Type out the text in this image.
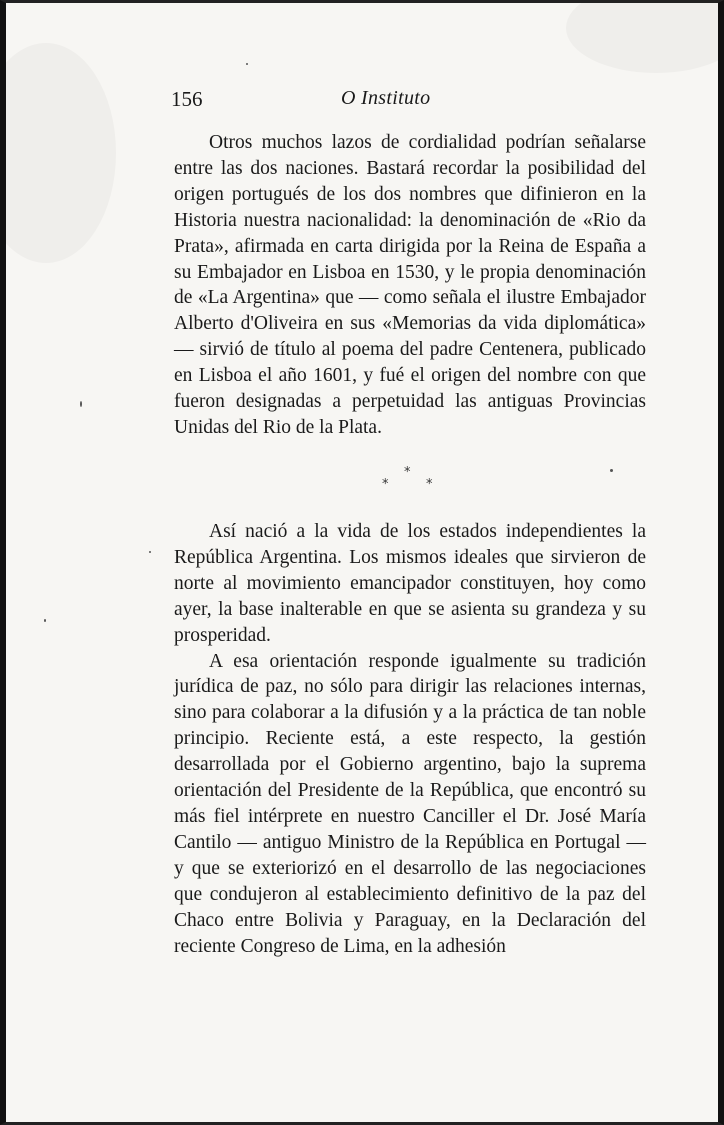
156	O Instituto

Otros muchos lazos de cordialidad podrían señalarse entre las dos naciones. Bastará recordar la posibilidad del origen portugués de los dos nombres que difinieron en la Historia nuestra nacionalidad: la denominación de «Rio da Prata», afirmada en carta dirigida por la Reina de España a su Embajador en Lisboa en 1530, y le propia denominación de «La Argentina» que — como señala el ilustre Embajador Alberto d'Oliveira en sus «Memorias da vida diplomática» — sirvió de título al poema del padre Centenera, publicado en Lisboa el año 1601, y fué el origen del nombre con que fueron designadas a perpetuidad las antiguas Provincias Unidas del Rio de la Plata.

*
*	*

Así nació a la vida de los estados independientes la República Argentina. Los mismos ideales que sirvieron de norte al movimiento emancipador constituyen, hoy como ayer, la base inalterable en que se asienta su grandeza y su prosperidad.

A esa orientación responde igualmente su tradición jurídica de paz, no sólo para dirigir las relaciones internas, sino para colaborar a la difusión y a la práctica de tan noble principio. Reciente está, a este respecto, la gestión desarrollada por el Gobierno argentino, bajo la suprema orientación del Presidente de la República, que encontró su más fiel intérprete en nuestro Canciller el Dr. José María Cantilo — antiguo Ministro de la República en Portugal — y que se exteriorizó en el desarrollo de las negociaciones que condujeron al establecimiento definitivo de la paz del Chaco entre Bolivia y Paraguay, en la Declaración del reciente Congreso de Lima, en la adhesión
